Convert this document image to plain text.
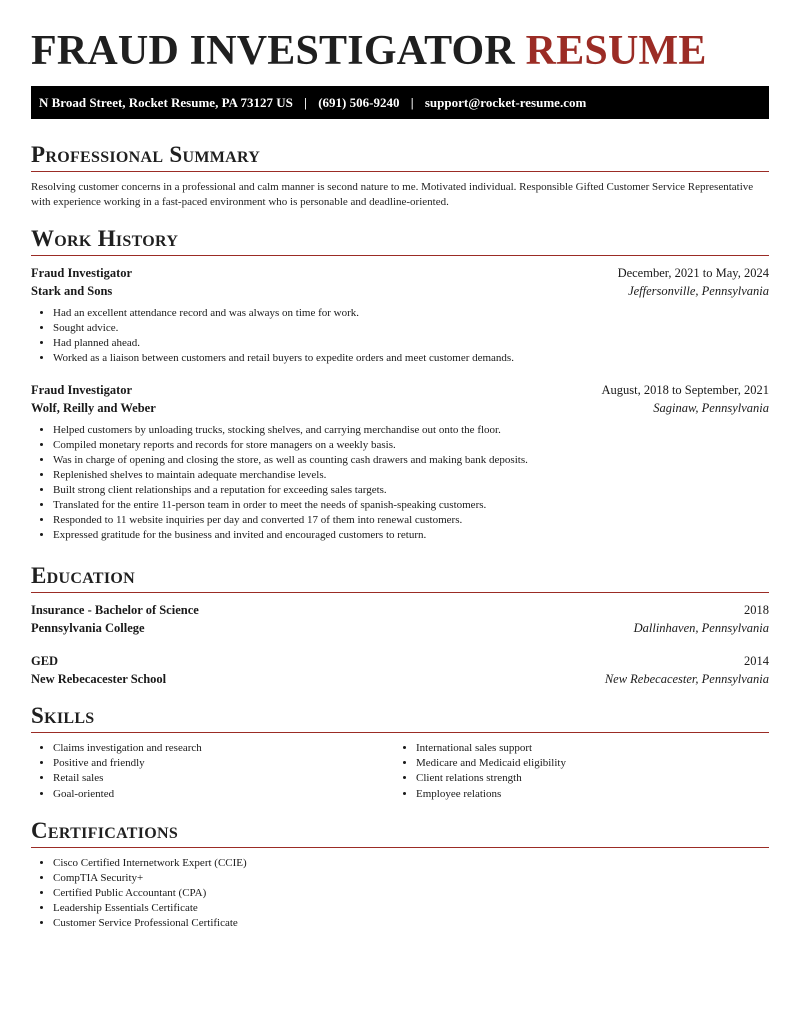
FRAUD INVESTIGATOR RESUME
N Broad Street, Rocket Resume, PA 73127 US | (691) 506-9240 | support@rocket-resume.com
Professional Summary

Resolving customer concerns in a professional and calm manner is second nature to me. Motivated individual. Responsible Gifted Customer Service Representative with experience working in a fast-paced environment who is personable and deadline-oriented.

Work History
Fraud Investigator	December, 2021 to May, 2024
Stark and Sons	Jeffersonville, Pennsylvania
• Had an excellent attendance record and was always on time for work.
• Sought advice.
• Had planned ahead.
• Worked as a liaison between customers and retail buyers to expedite orders and meet customer demands.
Fraud Investigator	August, 2018 to September, 2021
Wolf, Reilly and Weber	Saginaw, Pennsylvania
• Helped customers by unloading trucks, stocking shelves, and carrying merchandise out onto the floor.
• Compiled monetary reports and records for store managers on a weekly basis.
• Was in charge of opening and closing the store, as well as counting cash drawers and making bank deposits.
• Replenished shelves to maintain adequate merchandise levels.
• Built strong client relationships and a reputation for exceeding sales targets.
• Translated for the entire 11-person team in order to meet the needs of spanish-speaking customers.
• Responded to 11 website inquiries per day and converted 17 of them into renewal customers.
• Expressed gratitude for the business and invited and encouraged customers to return.
Education
Insurance - Bachelor of Science	2018
Pennsylvania College	Dallinhaven, Pennsylvania
GED	2014
New Rebecacester School	New Rebecacester, Pennsylvania
Skills
• Claims investigation and research
• Positive and friendly
• Retail sales
• Goal-oriented
• International sales support
• Medicare and Medicaid eligibility
• Client relations strength
• Employee relations
Certifications
• Cisco Certified Internetwork Expert (CCIE)
• CompTIA Security+
• Certified Public Accountant (CPA)
• Leadership Essentials Certificate
• Customer Service Professional Certificate
